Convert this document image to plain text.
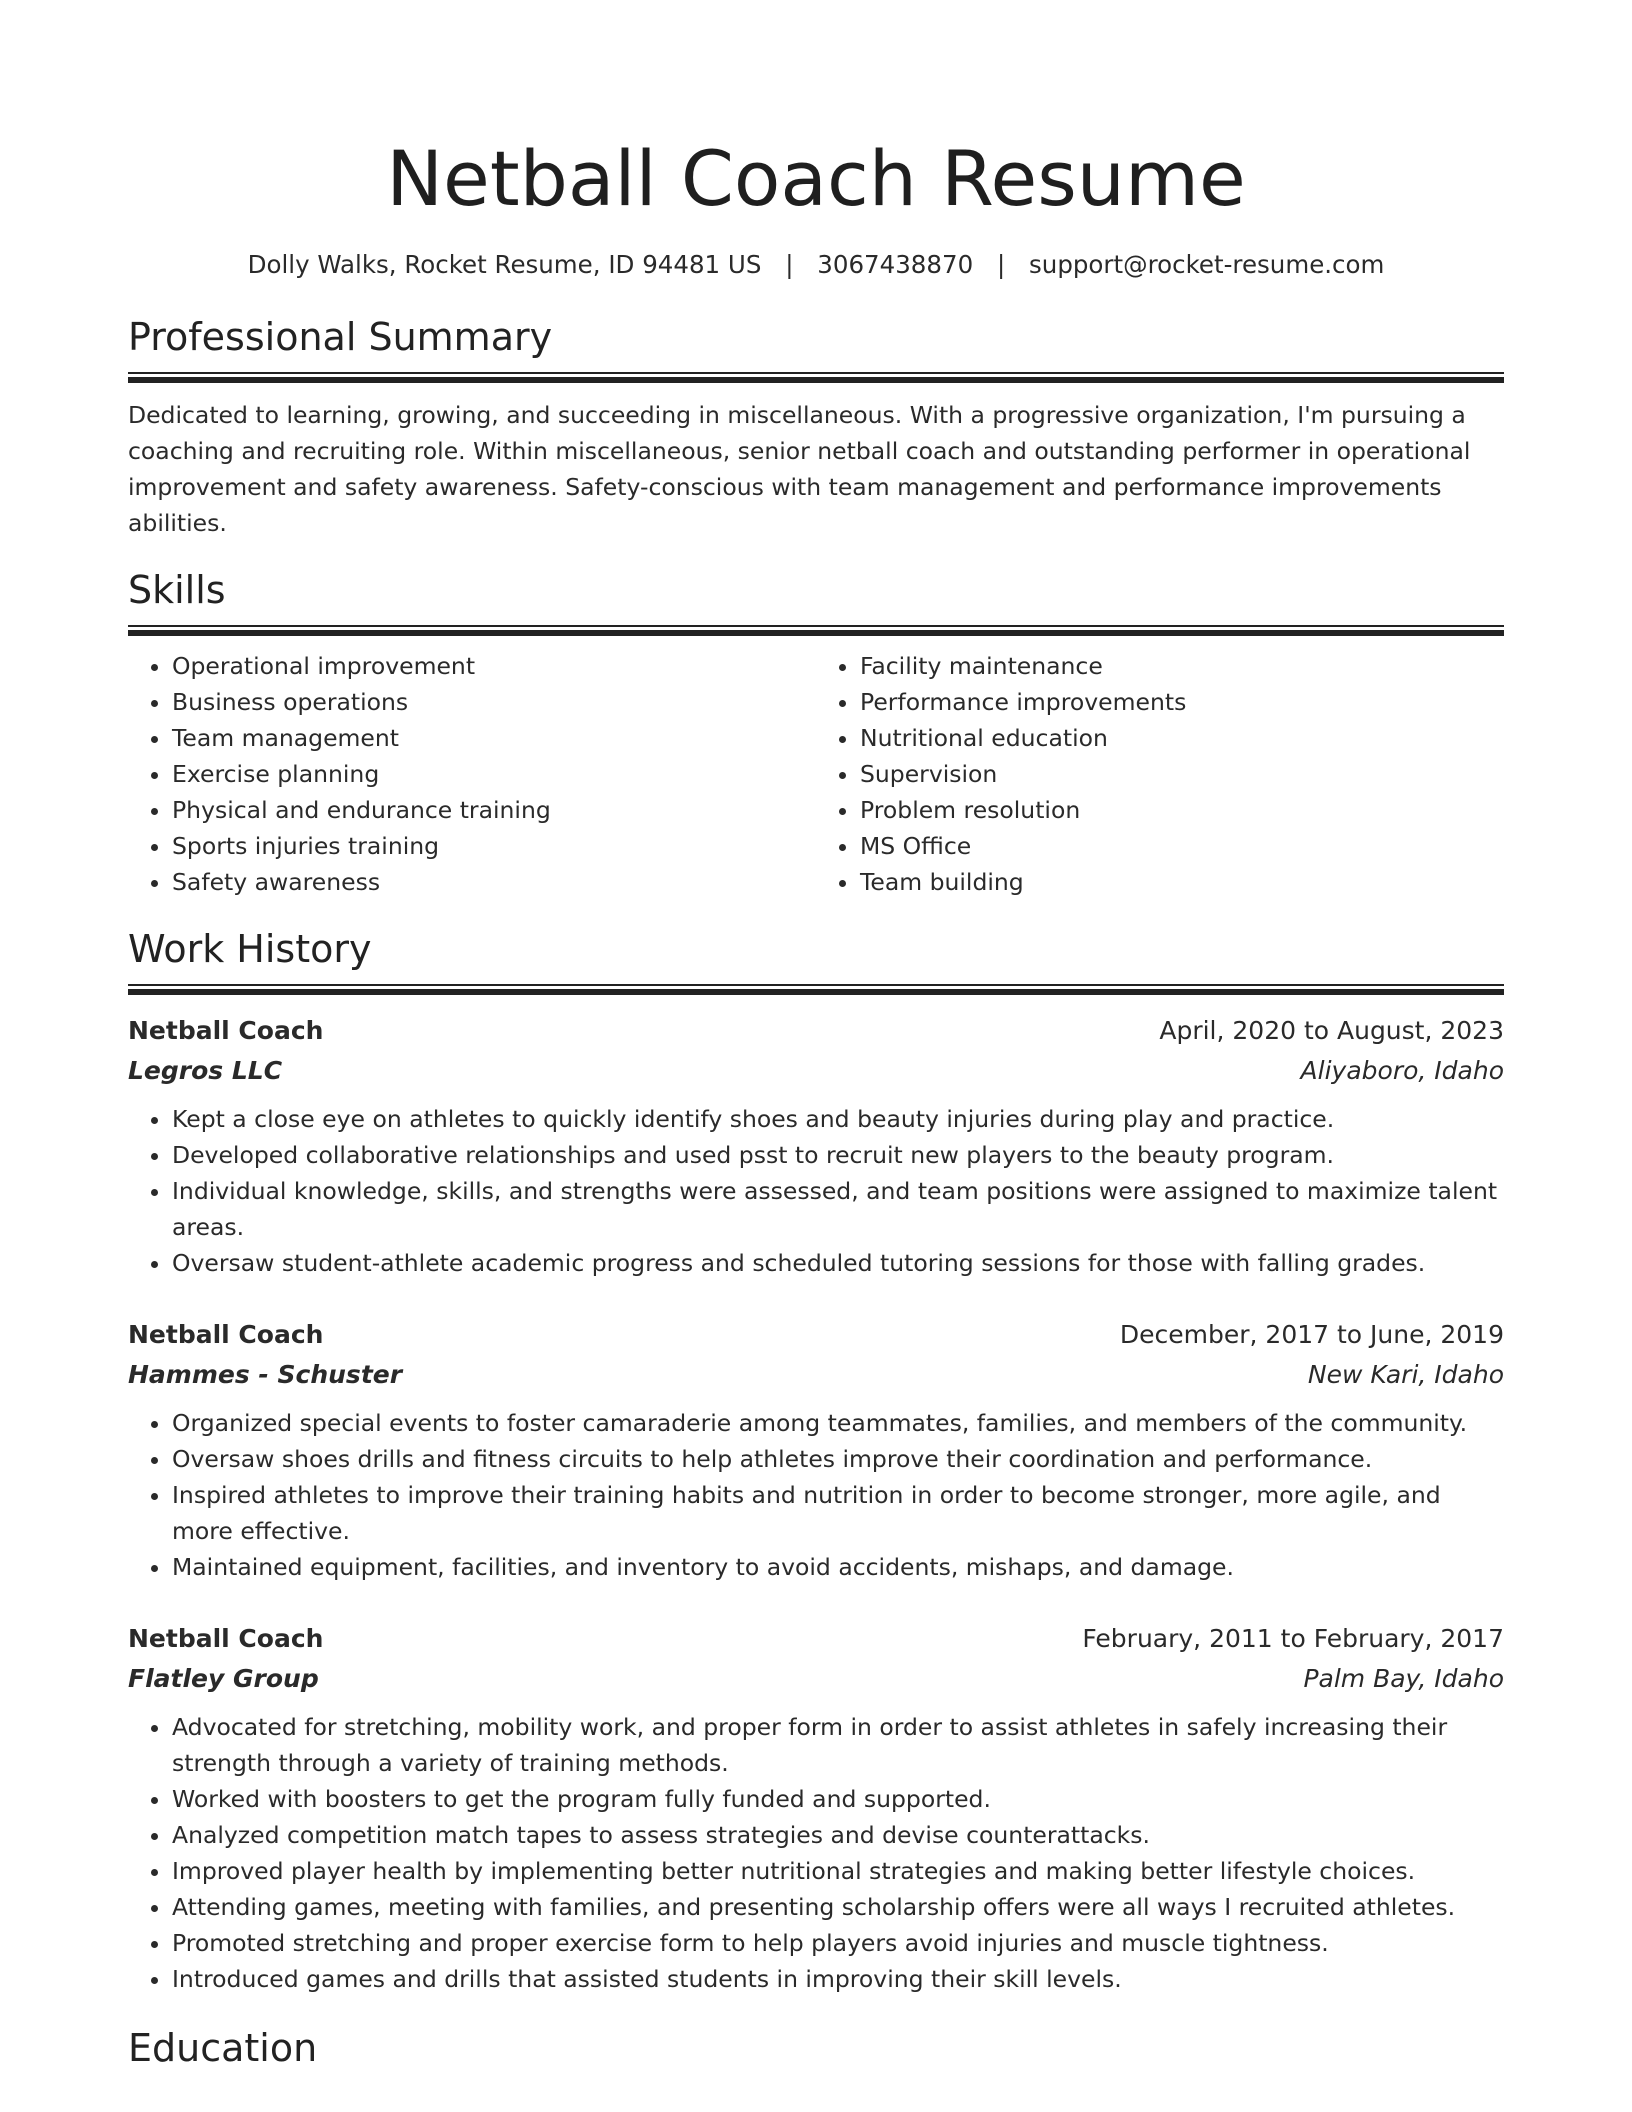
Netball Coach Resume
Dolly Walks, Rocket Resume, ID 94481 US | 3067438870 | support@rocket-resume.com
Professional Summary
Dedicated to learning, growing, and succeeding in miscellaneous. With a progressive organization, I'm pursuing a coaching and recruiting role. Within miscellaneous, senior netball coach and outstanding performer in operational improvement and safety awareness. Safety-conscious with team management and performance improvements abilities.
Skills
• Operational improvement
• Business operations
• Team management
• Exercise planning
• Physical and endurance training
• Sports injuries training
• Safety awareness
• Facility maintenance
• Performance improvements
• Nutritional education
• Supervision
• Problem resolution
• MS Office
• Team building
Work History
Netball Coach	April, 2020 to August, 2023
Legros LLC	Aliyaboro, Idaho
• Kept a close eye on athletes to quickly identify shoes and beauty injuries during play and practice.
• Developed collaborative relationships and used psst to recruit new players to the beauty program.
• Individual knowledge, skills, and strengths were assessed, and team positions were assigned to maximize talent areas.
• Oversaw student-athlete academic progress and scheduled tutoring sessions for those with falling grades.
Netball Coach	December, 2017 to June, 2019
Hammes - Schuster	New Kari, Idaho
• Organized special events to foster camaraderie among teammates, families, and members of the community.
• Oversaw shoes drills and fitness circuits to help athletes improve their coordination and performance.
• Inspired athletes to improve their training habits and nutrition in order to become stronger, more agile, and more effective.
• Maintained equipment, facilities, and inventory to avoid accidents, mishaps, and damage.
Netball Coach	February, 2011 to February, 2017
Flatley Group	Palm Bay, Idaho
• Advocated for stretching, mobility work, and proper form in order to assist athletes in safely increasing their strength through a variety of training methods.
• Worked with boosters to get the program fully funded and supported.
• Analyzed competition match tapes to assess strategies and devise counterattacks.
• Improved player health by implementing better nutritional strategies and making better lifestyle choices.
• Attending games, meeting with families, and presenting scholarship offers were all ways I recruited athletes.
• Promoted stretching and proper exercise form to help players avoid injuries and muscle tightness.
• Introduced games and drills that assisted students in improving their skill levels.
Education
